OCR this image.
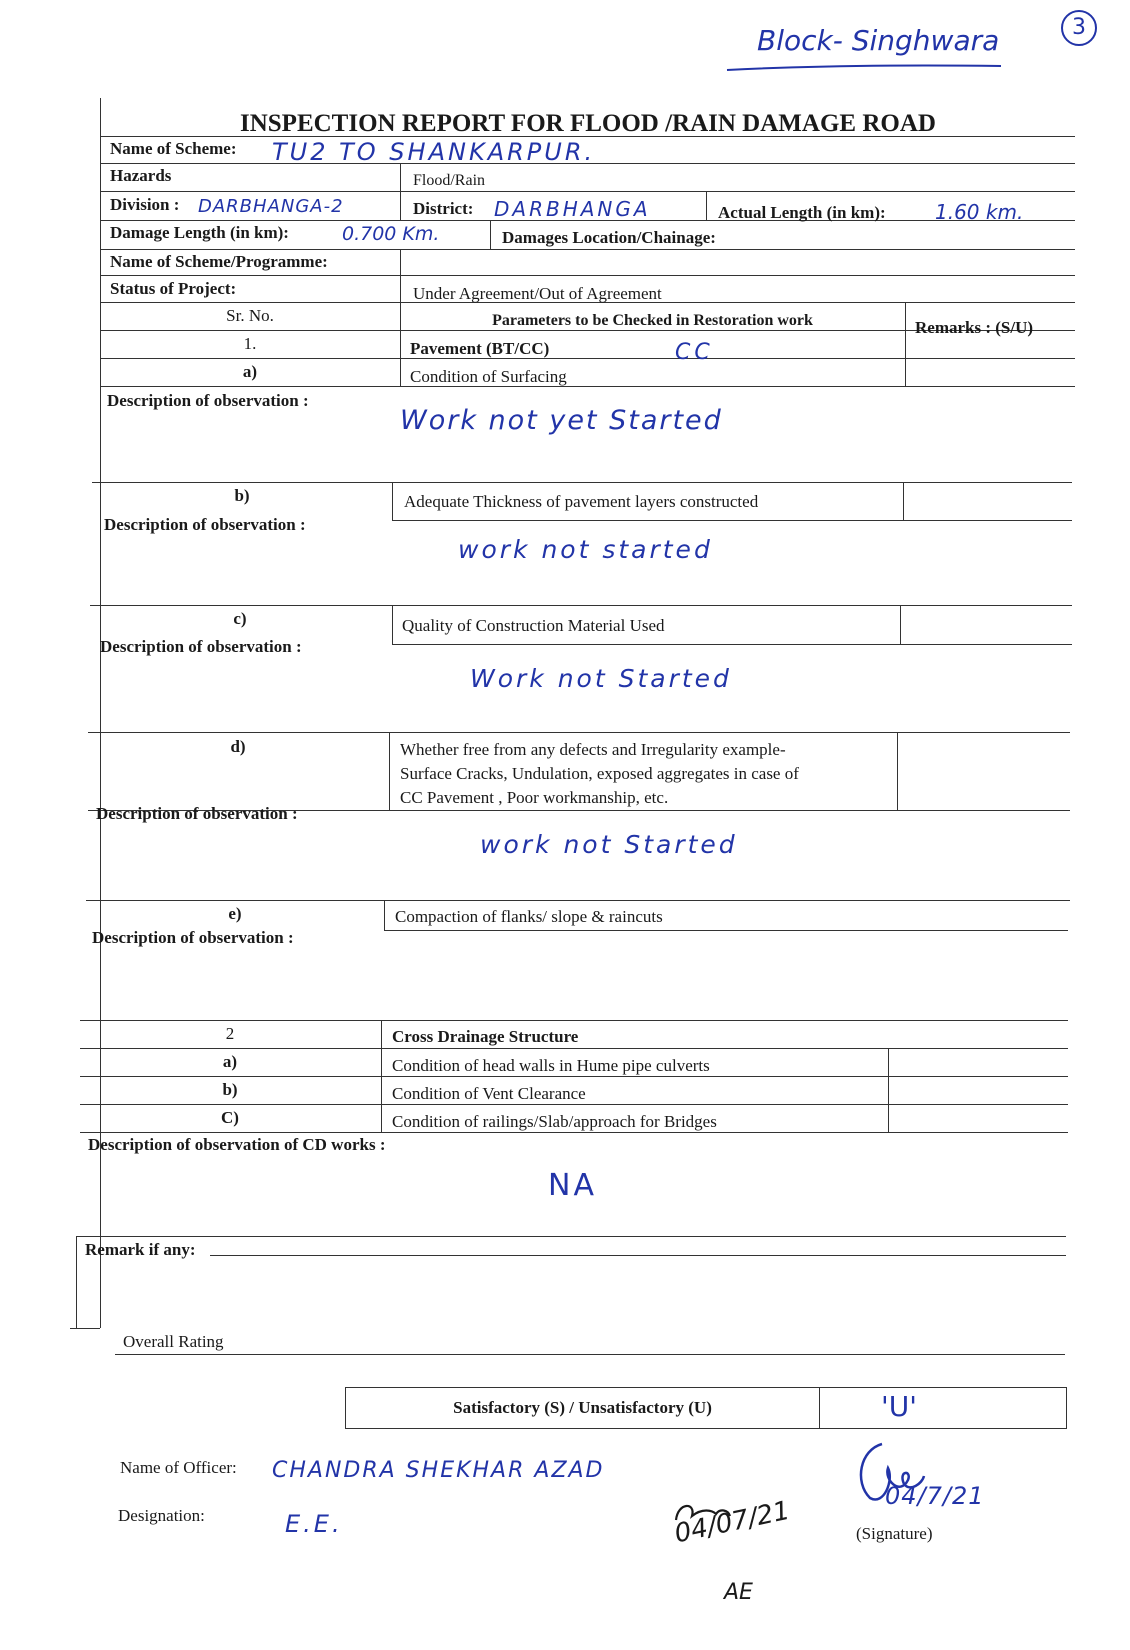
Block- Singhwara	3
INSPECTION REPORT FOR FLOOD /RAIN DAMAGE ROAD
Name of Scheme: TU2 TO SHANKARPUR.
Hazards	Flood/Rain
Division : DARBHANGA-2	District: DARBHANGA	Actual Length (in km): 1.60 km.
Damage Length (in km):	0.700 Km.	Damages Location/Chainage:
Name of Scheme/Programme:
Status of Project:	Under Agreement/Out of Agreement
Sr. No.	Parameters to be Checked in Restoration work	Remarks : (S/U)
1.	Pavement (BT/CC)	CC
a)	Condition of Surfacing
Description of observation :
Work not yet Started
b)	Adequate Thickness of pavement layers constructed
Description of observation :
work not started
c)	Quality of Construction Material Used
Description of observation :
Work not Started
d)	Whether free from any defects and Irregularity example-
Surface Cracks, Undulation, exposed aggregates in case of
CC Pavement , Poor workmanship, etc.
Description of observation :
work not Started
e)	Compaction of flanks/ slope & raincuts
Description of observation :
2	Cross Drainage Structure
a)	Condition of head walls in Hume pipe culverts
b)	Condition of Vent Clearance
C)	Condition of railings/Slab/approach for Bridges
Description of observation of CD works :
NA
Remark if any:
Overall Rating
Satisfactory (S) / Unsatisfactory (U)	'U'
Name of Officer: CHANDRA SHEKHAR AZAD
Designation:	E.E.
04/7/21
(Signature)
04/07/21
AE
